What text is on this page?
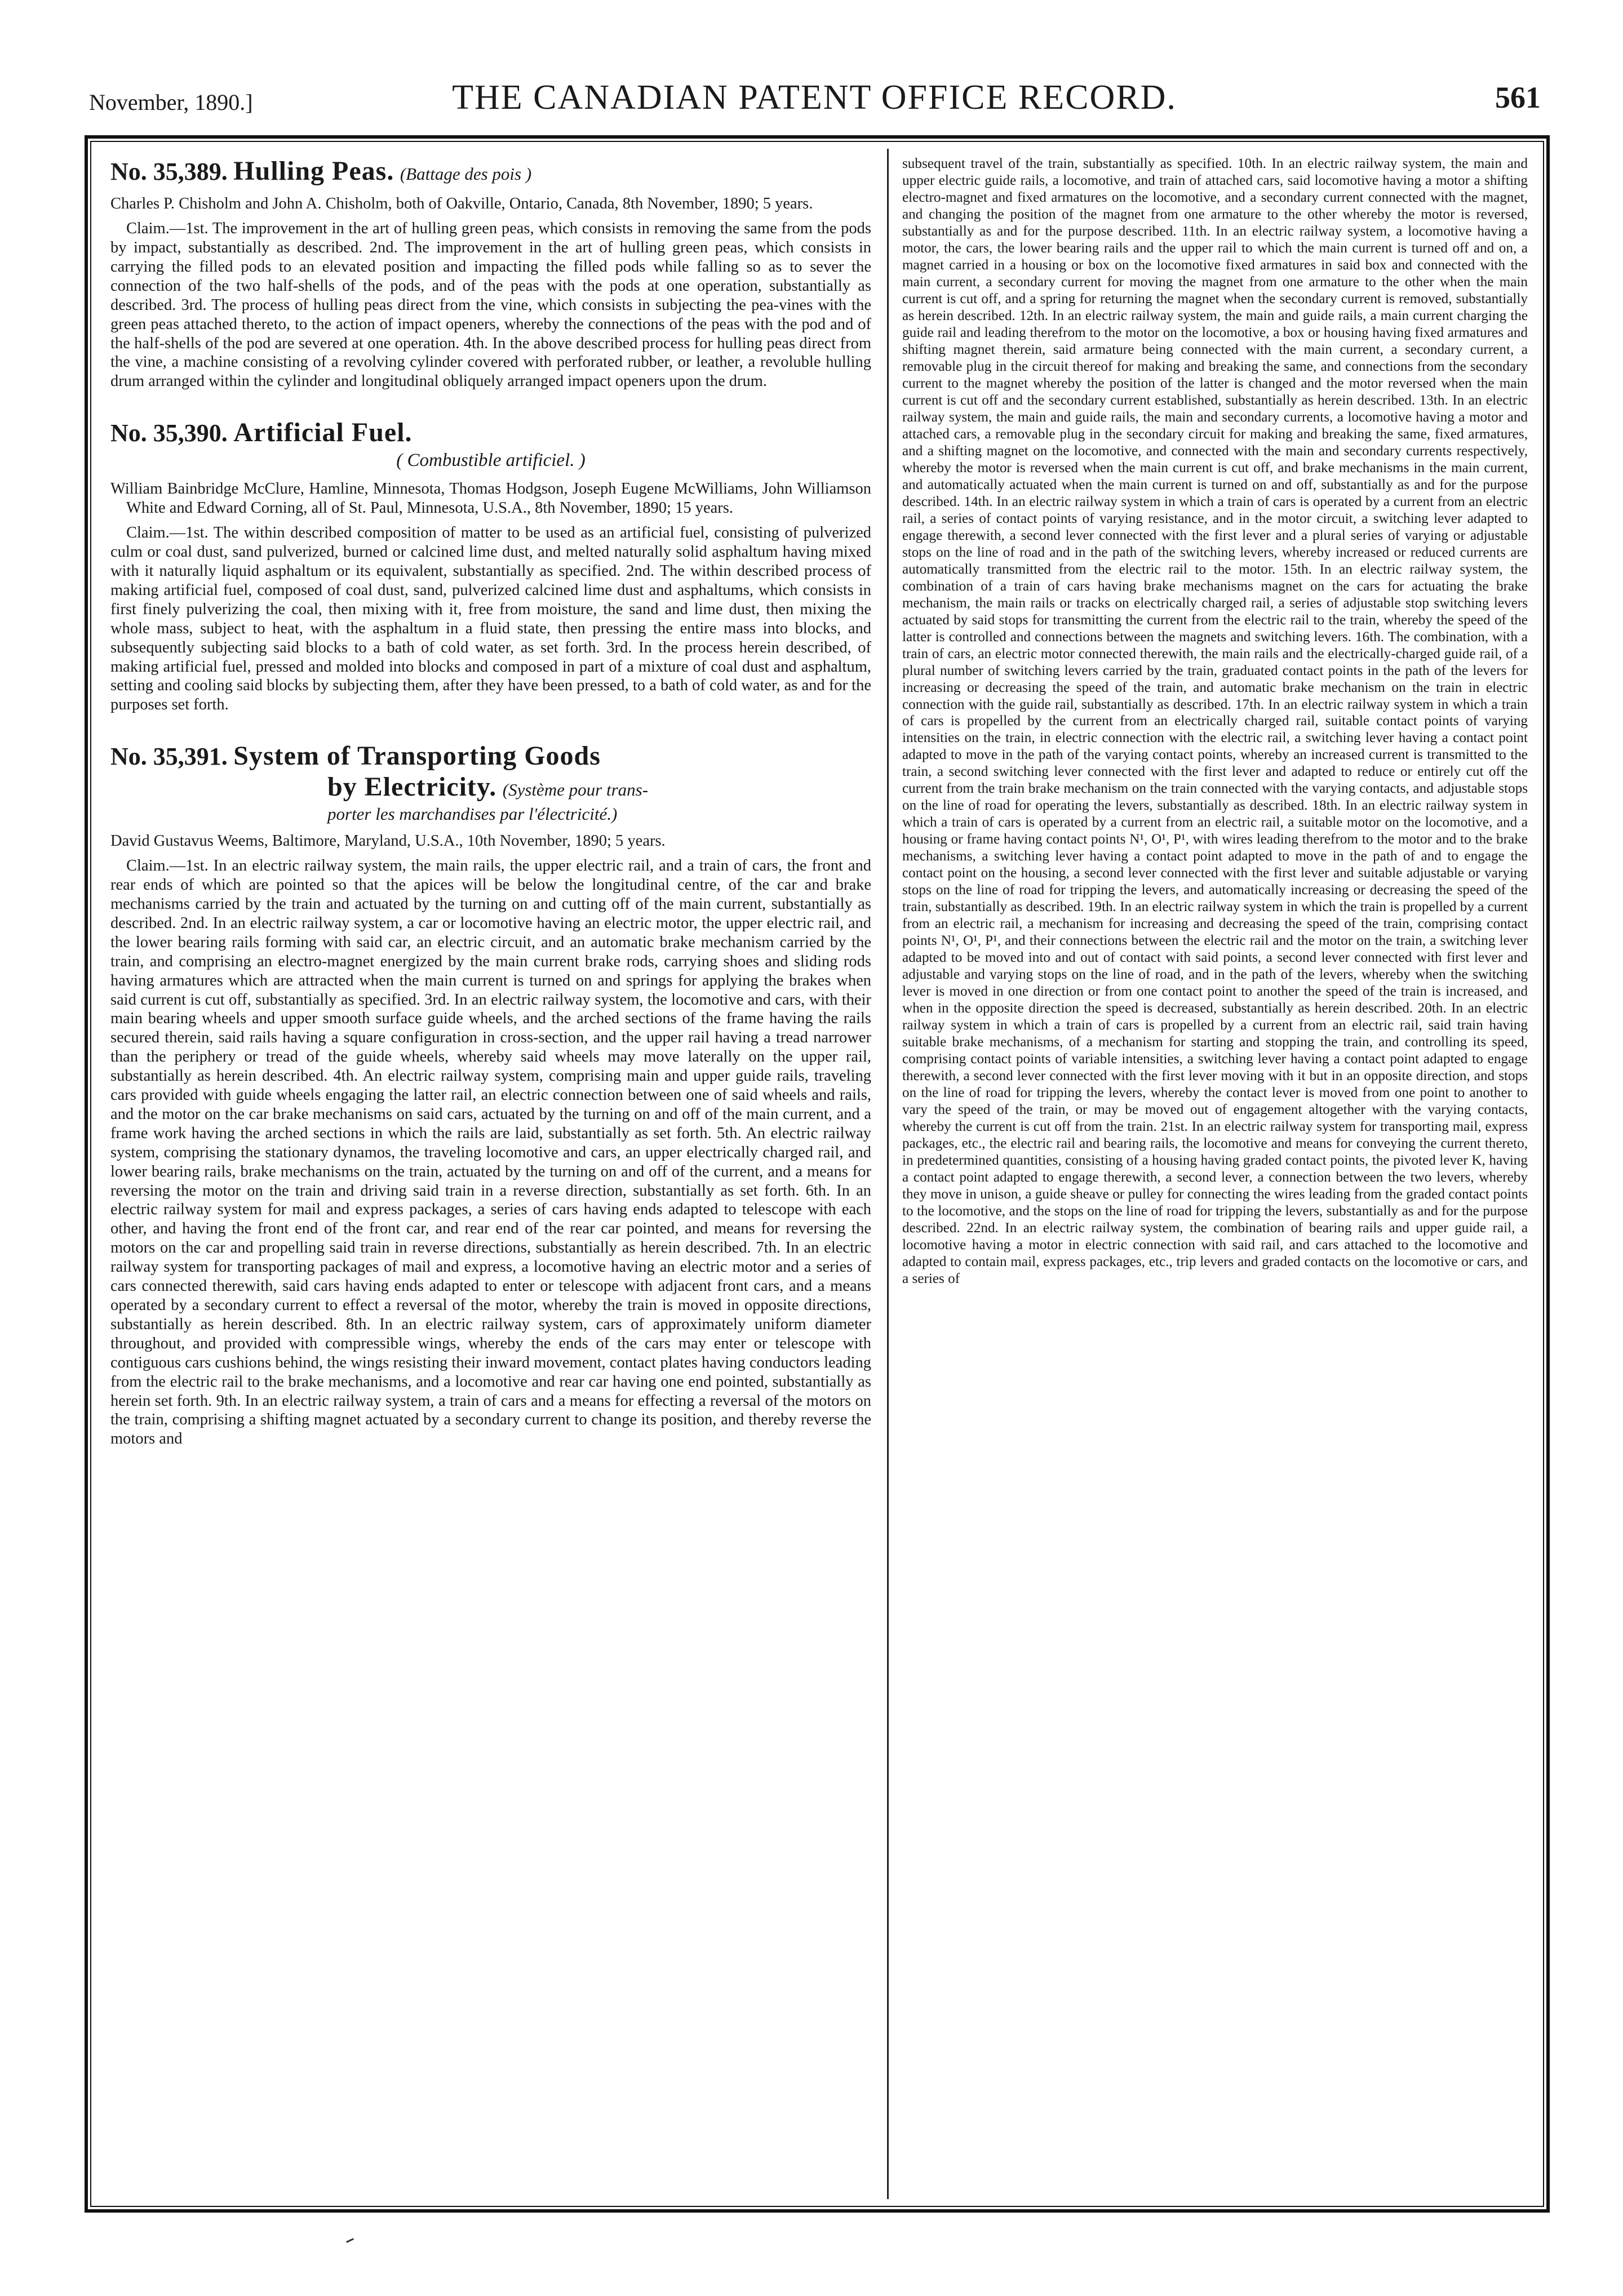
November, 1890.]	THE CANADIAN PATENT OFFICE RECORD.	561
No. 35,389. Hulling Peas. (Battage des pois )

Charles P. Chisholm and John A. Chisholm, both of Oakville, Ontario, Canada, 8th November, 1890; 5 years.

Claim.—1st. The improvement in the art of hulling green peas, which consists in removing the same from the pods by impact, substantially as described. 2nd. The improvement in the art of hulling green peas, which consists in carrying the filled pods to an elevated position and impacting the filled pods while falling so as to sever the connection of the two half-shells of the pods, and of the peas with the pods at one operation, substantially as described. 3rd. The process of hulling peas direct from the vine, which consists in subjecting the pea-vines with the green peas attached thereto, to the action of impact openers, whereby the connections of the peas with the pod and of the half-shells of the pod are severed at one operation. 4th. In the above described process for hulling peas direct from the vine, a machine consisting of a revolving cylinder covered with perforated rubber, or leather, a revoluble hulling drum arranged within the cylinder and longitudinal obliquely arranged impact openers upon the drum.

No. 35,390. Artificial Fuel.
( Combustible artificiel. )

William Bainbridge McClure, Hamline, Minnesota, Thomas Hodgson, Joseph Eugene McWilliams, John Williamson White and Edward Corning, all of St. Paul, Minnesota, U.S.A., 8th November, 1890; 15 years.

Claim.—1st. The within described composition of matter to be used as an artificial fuel, consisting of pulverized culm or coal dust, sand pulverized, burned or calcined lime dust, and melted naturally solid asphaltum having mixed with it naturally liquid asphaltum or its equivalent, substantially as specified. 2nd. The within described process of making artificial fuel, composed of coal dust, sand, pulverized calcined lime dust and asphaltums, which consists in first finely pulverizing the coal, then mixing with it, free from moisture, the sand and lime dust, then mixing the whole mass, subject to heat, with the asphaltum in a fluid state, then pressing the entire mass into blocks, and subsequently subjecting said blocks to a bath of cold water, as set forth. 3rd. In the process herein described, of making artificial fuel, pressed and molded into blocks and composed in part of a mixture of coal dust and asphaltum, setting and cooling said blocks by subjecting them, after they have been pressed, to a bath of cold water, as and for the purposes set forth.

No. 35,391. System of Transporting Goods
by Electricity. (Système pour trans-
porter les marchandises par l'électricité.)

David Gustavus Weems, Baltimore, Maryland, U.S.A., 10th November, 1890; 5 years.

Claim.—1st. In an electric railway system, the main rails, the upper electric rail, and a train of cars, the front and rear ends of which are pointed so that the apices will be below the longitudinal centre, of the car and brake mechanisms carried by the train and actuated by the turning on and cutting off of the main current, substantially as described. 2nd. In an electric railway system, a car or locomotive having an electric motor, the upper electric rail, and the lower bearing rails forming with said car, an electric circuit, and an automatic brake mechanism carried by the train, and comprising an electro-magnet energized by the main current brake rods, carrying shoes and sliding rods having armatures which are attracted when the main current is turned on and springs for applying the brakes when said current is cut off, substantially as specified. 3rd. In an electric railway system, the locomotive and cars, with their main bearing wheels and upper smooth surface guide wheels, and the arched sections of the frame having the rails secured therein, said rails having a square configuration in cross-section, and the upper rail having a tread narrower than the periphery or tread of the guide wheels, whereby said wheels may move laterally on the upper rail, substantially as herein described. 4th. An electric railway system, comprising main and upper guide rails, traveling cars provided with guide wheels engaging the latter rail, an electric connection between one of said wheels and rails, and the motor on the car brake mechanisms on said cars, actuated by the turning on and off of the main current, and a frame work having the arched sections in which the rails are laid, substantially as set forth. 5th. An electric railway system, comprising the stationary dynamos, the traveling locomotive and cars, an upper electrically charged rail, and lower bearing rails, brake mechanisms on the train, actuated by the turning on and off of the current, and a means for reversing the motor on the train and driving said train in a reverse direction, substantially as set forth. 6th. In an electric railway system for mail and express packages, a series of cars having ends adapted to telescope with each other, and having the front end of the front car, and rear end of the rear car pointed, and means for reversing the motors on the car and propelling said train in reverse directions, substantially as herein described. 7th. In an electric railway system for transporting packages of mail and express, a locomotive having an electric motor and a series of cars connected therewith, said cars having ends adapted to enter or telescope with adjacent front cars, and a means operated by a secondary current to effect a reversal of the motor, whereby the train is moved in opposite directions, substantially as herein described. 8th. In an electric railway system, cars of approximately uniform diameter throughout, and provided with compressible wings, whereby the ends of the cars may enter or telescope with contiguous cars cushions behind, the wings resisting their inward movement, contact plates having conductors leading from the electric rail to the brake mechanisms, and a locomotive and rear car having one end pointed, substantially as herein set forth. 9th. In an electric railway system, a train of cars and a means for effecting a reversal of the motors on the train, comprising a shifting magnet actuated by a secondary current to change its position, and thereby reverse the motors and

subsequent travel of the train, substantially as specified. 10th. In an electric railway system, the main and upper electric guide rails, a locomotive, and train of attached cars, said locomotive having a motor a shifting electro-magnet and fixed armatures on the locomotive, and a secondary current connected with the magnet, and changing the position of the magnet from one armature to the other whereby the motor is reversed, substantially as and for the purpose described. 11th. In an electric railway system, a locomotive having a motor, the cars, the lower bearing rails and the upper rail to which the main current is turned off and on, a magnet carried in a housing or box on the locomotive fixed armatures in said box and connected with the main current, a secondary current for moving the magnet from one armature to the other when the main current is cut off, and a spring for returning the magnet when the secondary current is removed, substantially as herein described. 12th. In an electric railway system, the main and guide rails, a main current charging the guide rail and leading therefrom to the motor on the locomotive, a box or housing having fixed armatures and shifting magnet therein, said armature being connected with the main current, a secondary current, a removable plug in the circuit thereof for making and breaking the same, and connections from the secondary current to the magnet whereby the position of the latter is changed and the motor reversed when the main current is cut off and the secondary current established, substantially as herein described. 13th. In an electric railway system, the main and guide rails, the main and secondary currents, a locomotive having a motor and attached cars, a removable plug in the secondary circuit for making and breaking the same, fixed armatures, and a shifting magnet on the locomotive, and connected with the main and secondary currents respectively, whereby the motor is reversed when the main current is cut off, and brake mechanisms in the main current, and automatically actuated when the main current is turned on and off, substantially as and for the purpose described. 14th. In an electric railway system in which a train of cars is operated by a current from an electric rail, a series of contact points of varying resistance, and in the motor circuit, a switching lever adapted to engage therewith, a second lever connected with the first lever and a plural series of varying or adjustable stops on the line of road and in the path of the switching levers, whereby increased or reduced currents are automatically transmitted from the electric rail to the motor. 15th. In an electric railway system, the combination of a train of cars having brake mechanisms magnet on the cars for actuating the brake mechanism, the main rails or tracks on electrically charged rail, a series of adjustable stop switching levers actuated by said stops for transmitting the current from the electric rail to the train, whereby the speed of the latter is controlled and connections between the magnets and switching levers. 16th. The combination, with a train of cars, an electric motor connected therewith, the main rails and the electrically-charged guide rail, of a plural number of switching levers carried by the train, graduated contact points in the path of the levers for increasing or decreasing the speed of the train, and automatic brake mechanism on the train in electric connection with the guide rail, substantially as described. 17th. In an electric railway system in which a train of cars is propelled by the current from an electrically charged rail, suitable contact points of varying intensities on the train, in electric connection with the electric rail, a switching lever having a contact point adapted to move in the path of the varying contact points, whereby an increased current is transmitted to the train, a second switching lever connected with the first lever and adapted to reduce or entirely cut off the current from the train brake mechanism on the train connected with the varying contacts, and adjustable stops on the line of road for operating the levers, substantially as described. 18th. In an electric railway system in which a train of cars is operated by a current from an electric rail, a suitable motor on the locomotive, and a housing or frame having contact points N¹, O¹, P¹, with wires leading therefrom to the motor and to the brake mechanisms, a switching lever having a contact point adapted to move in the path of and to engage the contact point on the housing, a second lever connected with the first lever and suitable adjustable or varying stops on the line of road for tripping the levers, and automatically increasing or decreasing the speed of the train, substantially as described. 19th. In an electric railway system in which the train is propelled by a current from an electric rail, a mechanism for increasing and decreasing the speed of the train, comprising contact points N¹, O¹, P¹, and their connections between the electric rail and the motor on the train, a switching lever adapted to be moved into and out of contact with said points, a second lever connected with first lever and adjustable and varying stops on the line of road, and in the path of the levers, whereby when the switching lever is moved in one direction or from one contact point to another the speed of the train is increased, and when in the opposite direction the speed is decreased, substantially as herein described. 20th. In an electric railway system in which a train of cars is propelled by a current from an electric rail, said train having suitable brake mechanisms, of a mechanism for starting and stopping the train, and controlling its speed, comprising contact points of variable intensities, a switching lever having a contact point adapted to engage therewith, a second lever connected with the first lever moving with it but in an opposite direction, and stops on the line of road for tripping the levers, whereby the contact lever is moved from one point to another to vary the speed of the train, or may be moved out of engagement altogether with the varying contacts, whereby the current is cut off from the train. 21st. In an electric railway system for transporting mail, express packages, etc., the electric rail and bearing rails, the locomotive and means for conveying the current thereto, in predetermined quantities, consisting of a housing having graded contact points, the pivoted lever K, having a contact point adapted to engage therewith, a second lever, a connection between the two levers, whereby they move in unison, a guide sheave or pulley for connecting the wires leading from the graded contact points to the locomotive, and the stops on the line of road for tripping the levers, substantially as and for the purpose described. 22nd. In an electric railway system, the combination of bearing rails and upper guide rail, a locomotive having a motor in electric connection with said rail, and cars attached to the locomotive and adapted to contain mail, express packages, etc., trip levers and graded contacts on the locomotive or cars, and a series of
